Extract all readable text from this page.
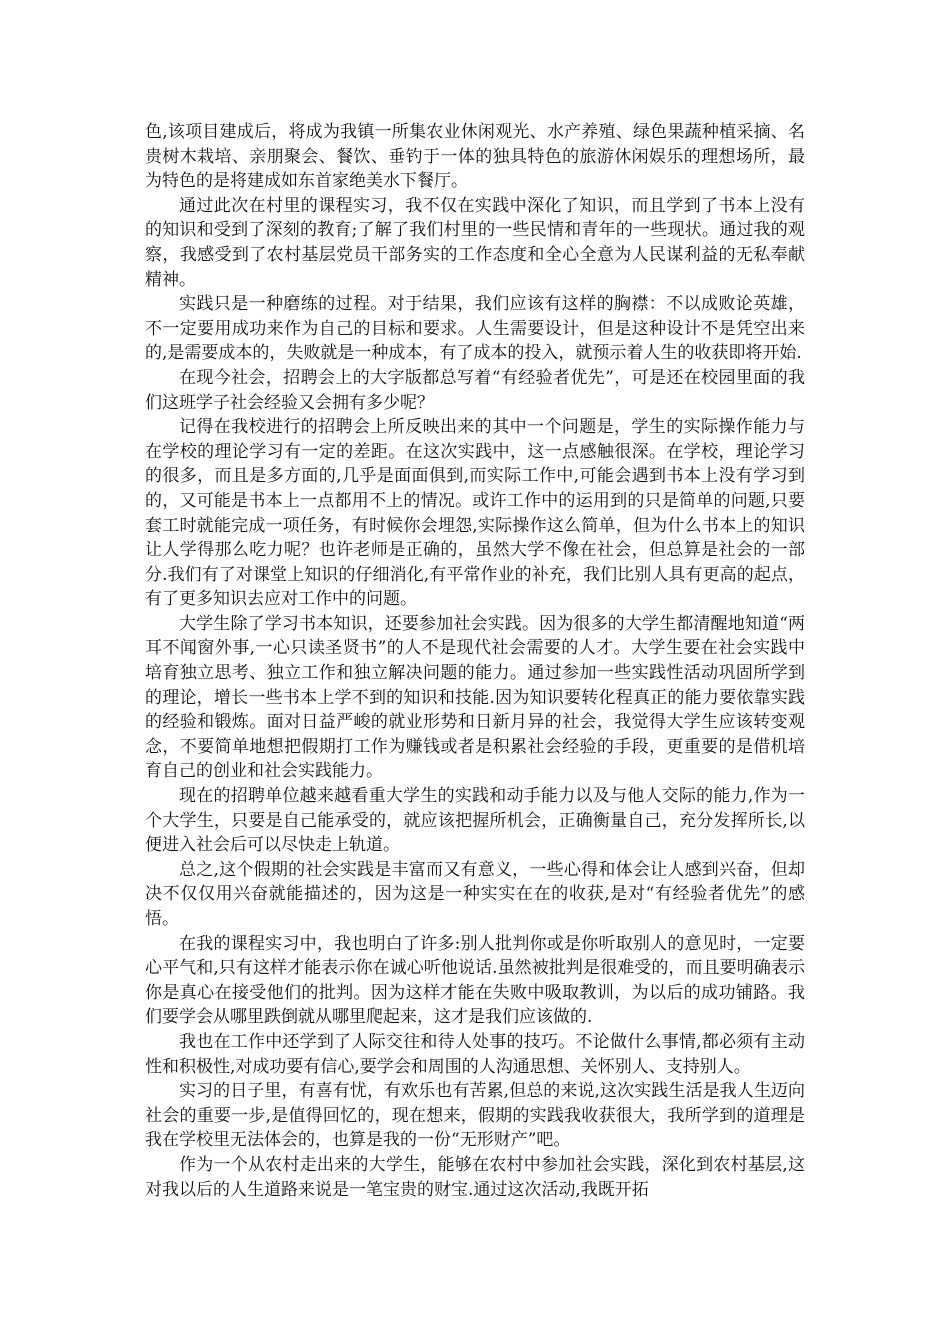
色,该项目建成后，将成为我镇一所集农业休闲观光、水产养殖、绿色果蔬种植采摘、名贵树木栽培、亲朋聚会、餐饮、垂钓于一体的独具特色的旅游休闲娱乐的理想场所，最为特色的是将建成如东首家绝美水下餐厅。

通过此次在村里的课程实习，我不仅在实践中深化了知识，而且学到了书本上没有的知识和受到了深刻的教育;了解了我们村里的一些民情和青年的一些现状。通过我的观察，我感受到了农村基层党员干部务实的工作态度和全心全意为人民谋利益的无私奉献精神。

实践只是一种磨练的过程。对于结果，我们应该有这样的胸襟：不以成败论英雄，不一定要用成功来作为自己的目标和要求。人生需要设计，但是这种设计不是凭空出来的,是需要成本的，失败就是一种成本，有了成本的投入，就预示着人生的收获即将开始.

在现今社会，招聘会上的大字版都总写着“有经验者优先”，可是还在校园里面的我们这班学子社会经验又会拥有多少呢？

记得在我校进行的招聘会上所反映出来的其中一个问题是，学生的实际操作能力与在学校的理论学习有一定的差距。在这次实践中，这一点感触很深。在学校，理论学习的很多，而且是多方面的,几乎是面面俱到,而实际工作中,可能会遇到书本上没有学习到的，又可能是书本上一点都用不上的情况。或许工作中的运用到的只是简单的问题,只要套工时就能完成一项任务，有时候你会埋怨,实际操作这么简单，但为什么书本上的知识让人学得那么吃力呢？也许老师是正确的，虽然大学不像在社会，但总算是社会的一部分.我们有了对课堂上知识的仔细消化,有平常作业的补充，我们比别人具有更高的起点，有了更多知识去应对工作中的问题。

大学生除了学习书本知识，还要参加社会实践。因为很多的大学生都清醒地知道“两耳不闻窗外事,一心只读圣贤书”的人不是现代社会需要的人才。大学生要在社会实践中培育独立思考、独立工作和独立解决问题的能力。通过参加一些实践性活动巩固所学到的理论，增长一些书本上学不到的知识和技能.因为知识要转化程真正的能力要依靠实践的经验和锻炼。面对日益严峻的就业形势和日新月异的社会，我觉得大学生应该转变观念，不要简单地想把假期打工作为赚钱或者是积累社会经验的手段，更重要的是借机培育自己的创业和社会实践能力。

现在的招聘单位越来越看重大学生的实践和动手能力以及与他人交际的能力,作为一个大学生，只要是自己能承受的，就应该把握所机会，正确衡量自己，充分发挥所长,以便进入社会后可以尽快走上轨道。

总之,这个假期的社会实践是丰富而又有意义，一些心得和体会让人感到兴奋，但却决不仅仅用兴奋就能描述的，因为这是一种实实在在的收获,是对“有经验者优先”的感悟。

在我的课程实习中，我也明白了许多:别人批判你或是你听取别人的意见时，一定要心平气和,只有这样才能表示你在诚心听他说话.虽然被批判是很难受的，而且要明确表示你是真心在接受他们的批判。因为这样才能在失败中吸取教训，为以后的成功铺路。我们要学会从哪里跌倒就从哪里爬起来，这才是我们应该做的.

我也在工作中还学到了人际交往和待人处事的技巧。不论做什么事情,都必须有主动性和积极性,对成功要有信心,要学会和周围的人沟通思想、关怀别人、支持别人。

实习的日子里，有喜有忧，有欢乐也有苦累,但总的来说,这次实践生活是我人生迈向社会的重要一步,是值得回忆的，现在想来，假期的实践我收获很大，我所学到的道理是我在学校里无法体会的，也算是我的一份“无形财产”吧。

作为一个从农村走出来的大学生，能够在农村中参加社会实践，深化到农村基层,这对我以后的人生道路来说是一笔宝贵的财宝.通过这次活动,我既开拓
